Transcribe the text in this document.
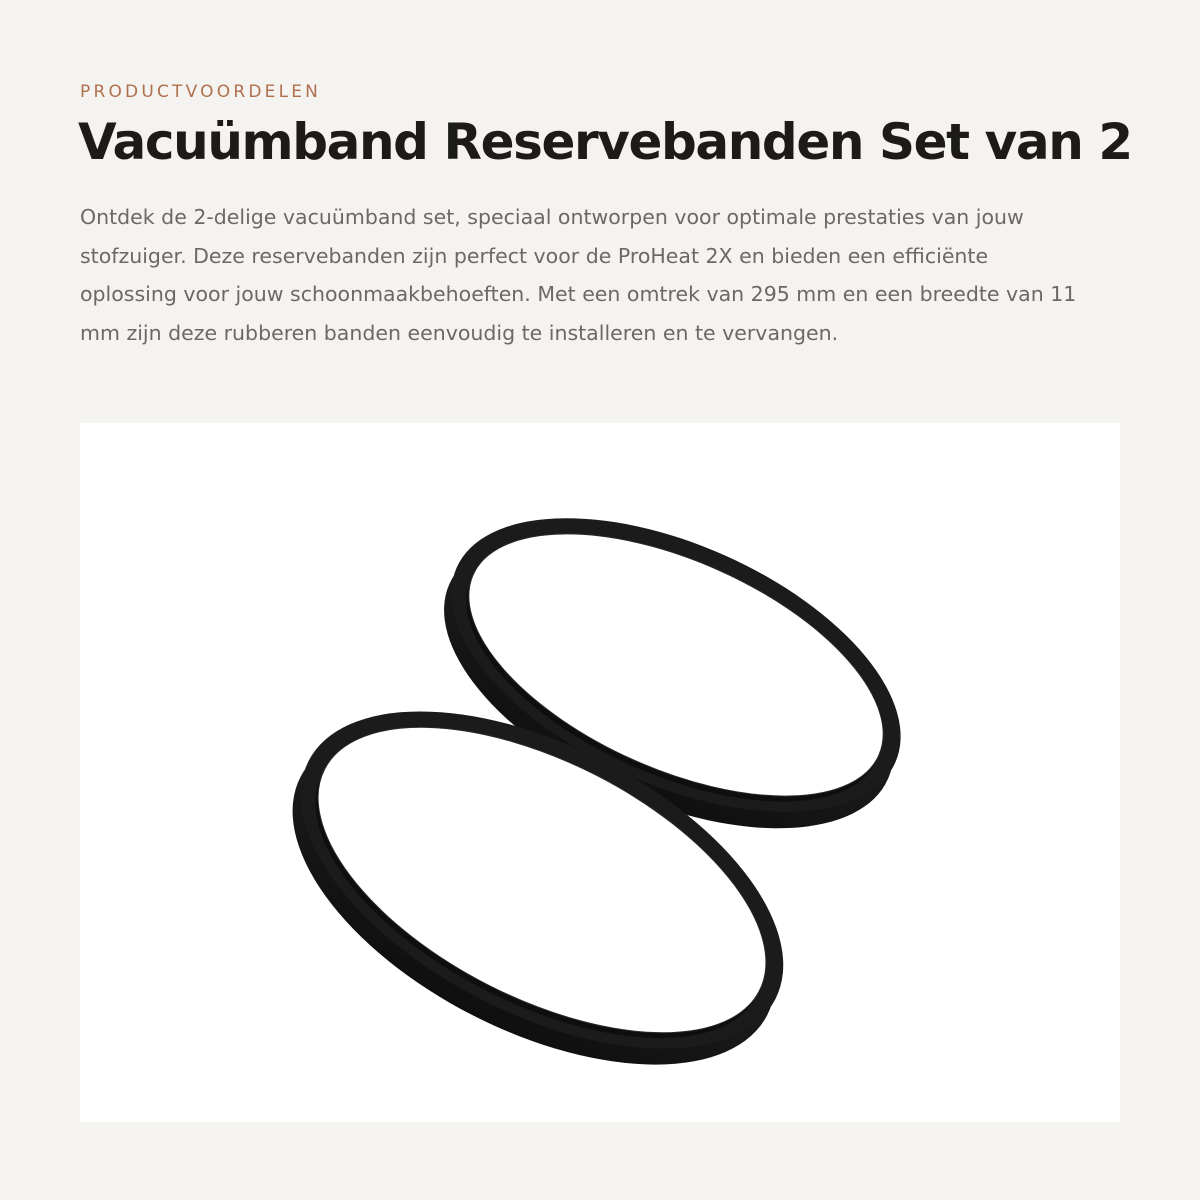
PRODUCTVOORDELEN
Vacuümband Reservebanden Set van 2

Ontdek de 2-delige vacuümband set, speciaal ontworpen voor optimale prestaties van jouw stofzuiger. Deze reservebanden zijn perfect voor de ProHeat 2X en bieden een efficiënte oplossing voor jouw schoonmaakbehoeften. Met een omtrek van 295 mm en een breedte van 11 mm zijn deze rubberen banden eenvoudig te installeren en te vervangen.
